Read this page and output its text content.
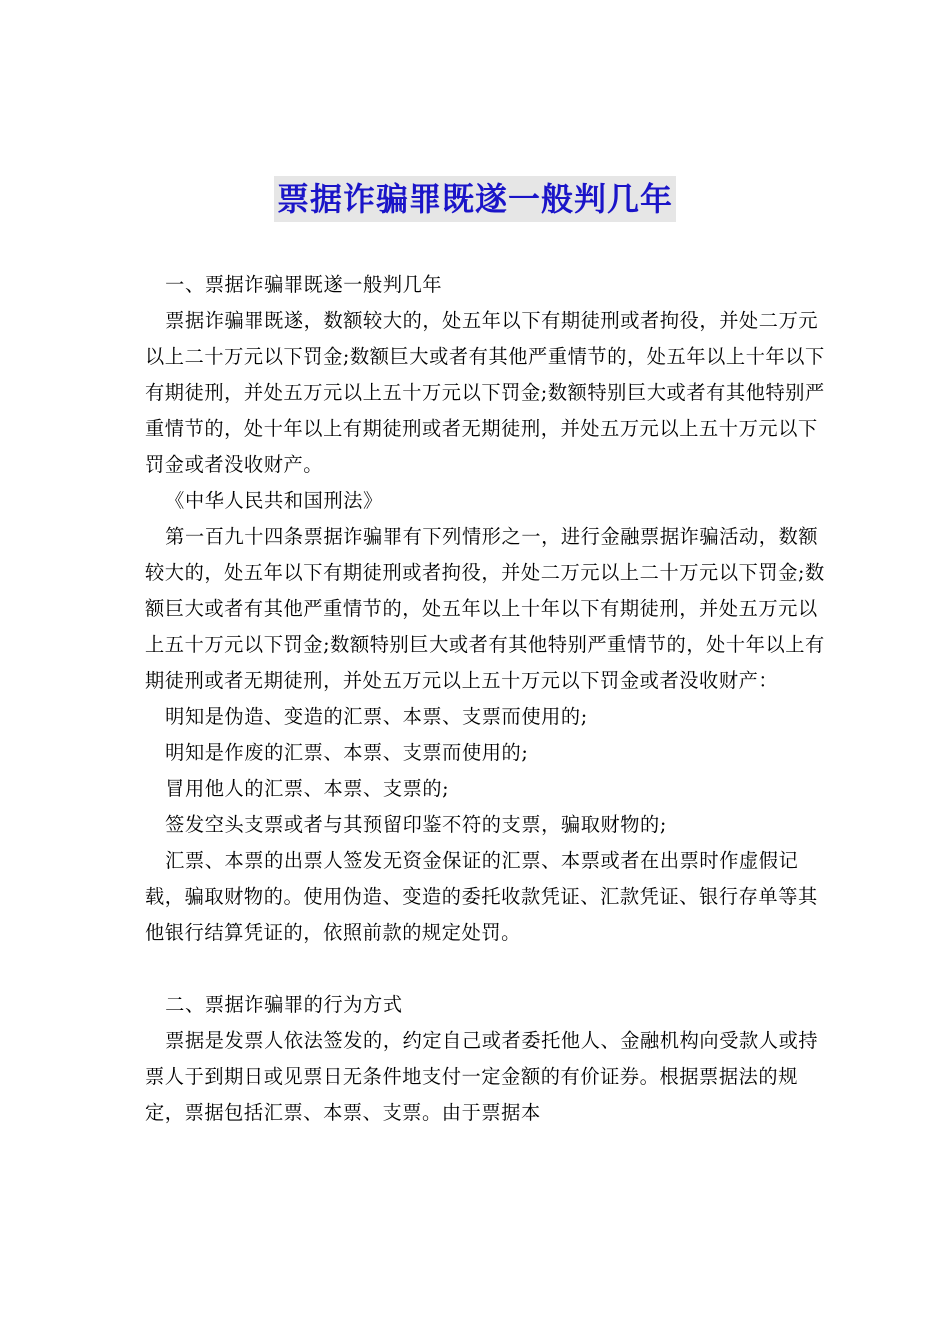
票据诈骗罪既遂一般判几年

一、票据诈骗罪既遂一般判几年

票据诈骗罪既遂，数额较大的，处五年以下有期徒刑或者拘役，并处二万元以上二十万元以下罚金;数额巨大或者有其他严重情节的，处五年以上十年以下有期徒刑，并处五万元以上五十万元以下罚金;数额特别巨大或者有其他特别严重情节的，处十年以上有期徒刑或者无期徒刑，并处五万元以上五十万元以下罚金或者没收财产。

《中华人民共和国刑法》

第一百九十四条票据诈骗罪有下列情形之一，进行金融票据诈骗活动，数额较大的，处五年以下有期徒刑或者拘役，并处二万元以上二十万元以下罚金;数额巨大或者有其他严重情节的，处五年以上十年以下有期徒刑，并处五万元以上五十万元以下罚金;数额特别巨大或者有其他特别严重情节的，处十年以上有期徒刑或者无期徒刑，并处五万元以上五十万元以下罚金或者没收财产：

明知是伪造、变造的汇票、本票、支票而使用的;

明知是作废的汇票、本票、支票而使用的;

冒用他人的汇票、本票、支票的;

签发空头支票或者与其预留印鉴不符的支票，骗取财物的;

汇票、本票的出票人签发无资金保证的汇票、本票或者在出票时作虚假记载，骗取财物的。使用伪造、变造的委托收款凭证、汇款凭证、银行存单等其他银行结算凭证的，依照前款的规定处罚。

二、票据诈骗罪的行为方式

票据是发票人依法签发的，约定自己或者委托他人、金融机构向受款人或持票人于到期日或见票日无条件地支付一定金额的有价证券。根据票据法的规定，票据包括汇票、本票、支票。由于票据本
